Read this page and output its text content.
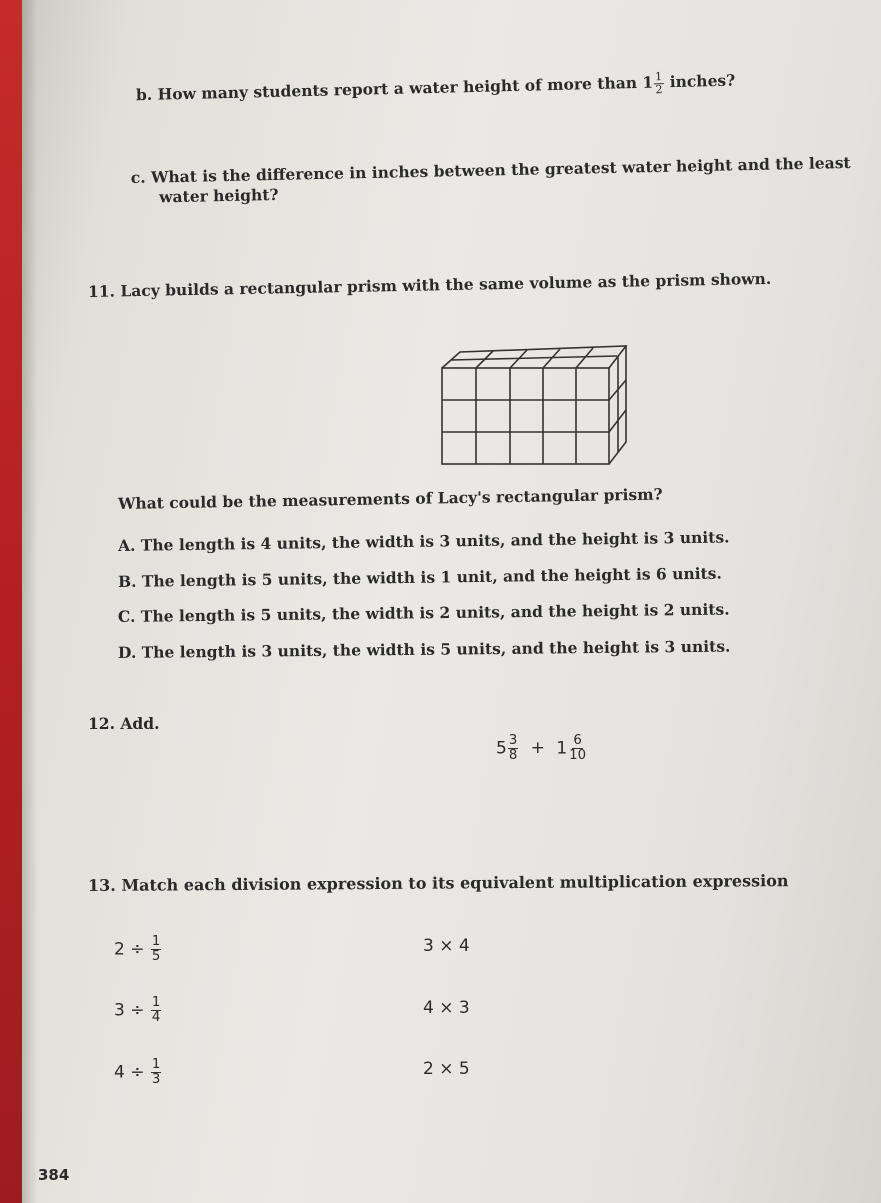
b. How many students report a water height of more than $1 \frac{1}{2}$ inches?
c. What is the difference in inches between the greatest water height and the least
water height?
11. Lacy builds a rectangular prism with the same volume as the prism shown.
What could be the measurements of Lacy's rectangular prism?
A. The length is 4 units, the width is 3 units, and the height is 3 units.
B. The length is 5 units, the width is 1 unit, and the height is 6 units.
C. The length is 5 units, the width is 2 units, and the height is 2 units.
D. The length is 3 units, the width is 5 units, and the height is 3 units.
12. Add.
$5 \frac{3}{8} + 1 \frac{6}{10}$
13. Match each division expression to its equivalent multiplication expression
$2 \div \frac{1}{5}$
$3 \div \frac{1}{4}$
$4 \div \frac{1}{3}$
3 × 4
4 × 3
2 × 5
384
